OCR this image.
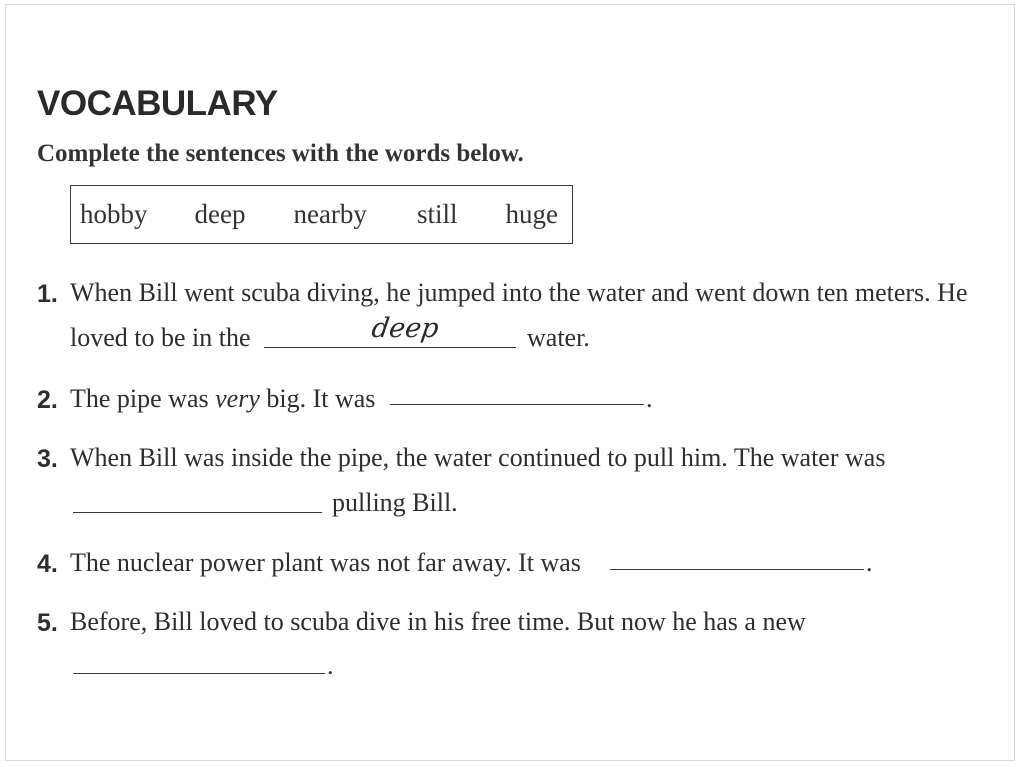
VOCABULARY
Complete the sentences with the words below.
hobby deep nearby still huge
1. When Bill went scuba diving, he jumped into the water and went down ten meters. He
loved to be in the	deep	water.
2. The pipe was very big. It was	.
3. When Bill was inside the pipe, the water continued to pull him. The water was
pulling Bill.
4. The nuclear power plant was not far away. It was	.
5. Before, Bill loved to scuba dive in his free time. But now he has a new
.
